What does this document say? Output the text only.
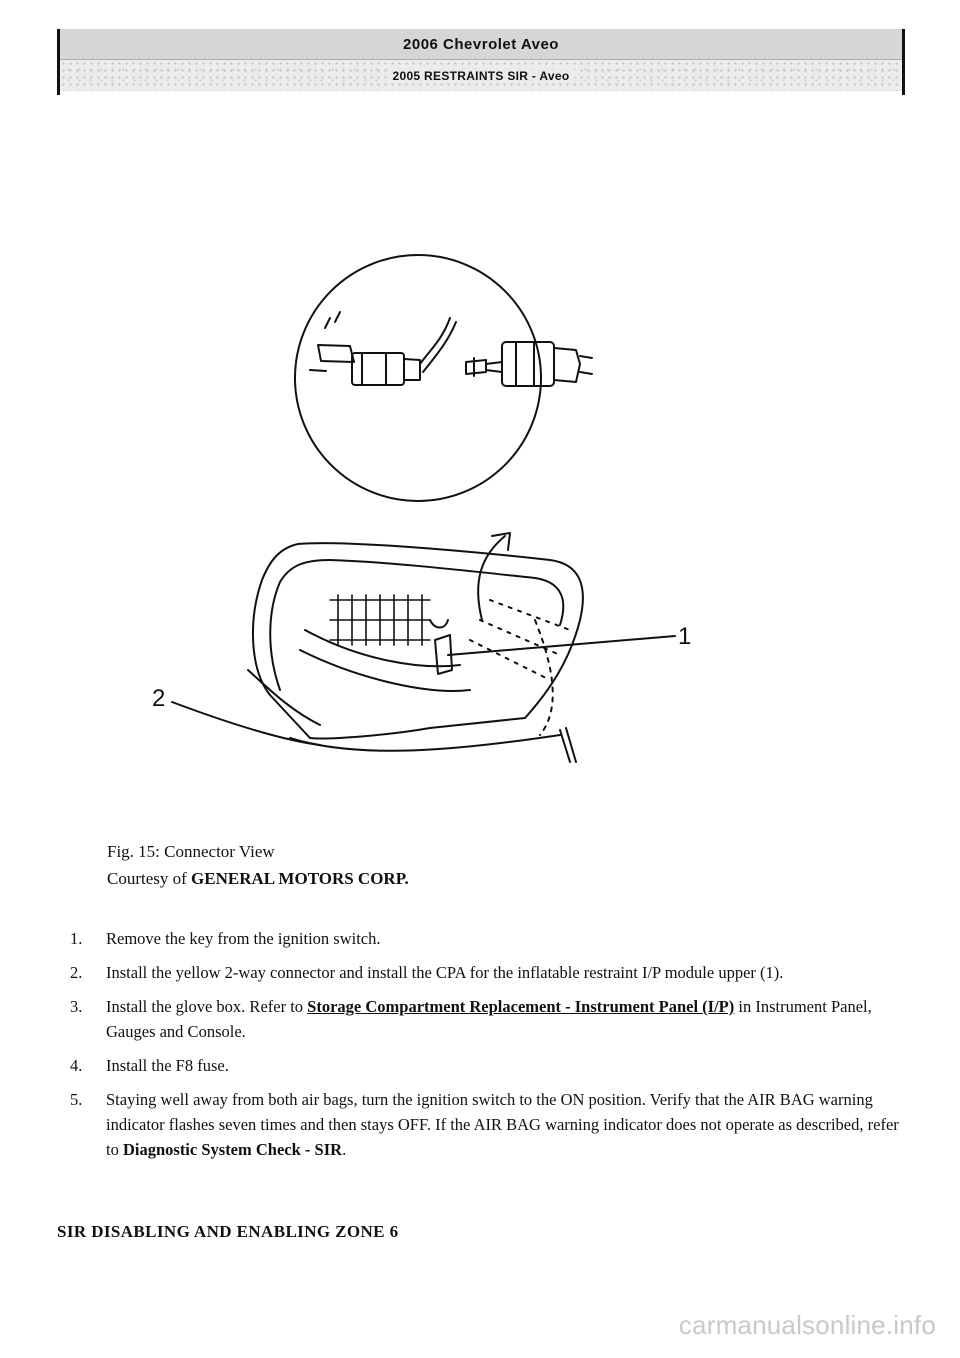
2006 Chevrolet Aveo
2005 RESTRAINTS SIR - Aveo
1
2
Fig. 15: Connector View
Courtesy of GENERAL MOTORS CORP.
1.	Remove the key from the ignition switch.
2.	Install the yellow 2-way connector and install the CPA for the inflatable restraint I/P module upper (1).
3.	Install the glove box. Refer to Storage Compartment Replacement - Instrument Panel (I/P) in Instrument Panel, Gauges and Console.
4.	Install the F8 fuse.
5.	Staying well away from both air bags, turn the ignition switch to the ON position. Verify that the AIR BAG warning indicator flashes seven times and then stays OFF. If the AIR BAG warning indicator does not operate as described, refer to Diagnostic System Check - SIR.
SIR DISABLING AND ENABLING ZONE 6
carmanualsonline.info
